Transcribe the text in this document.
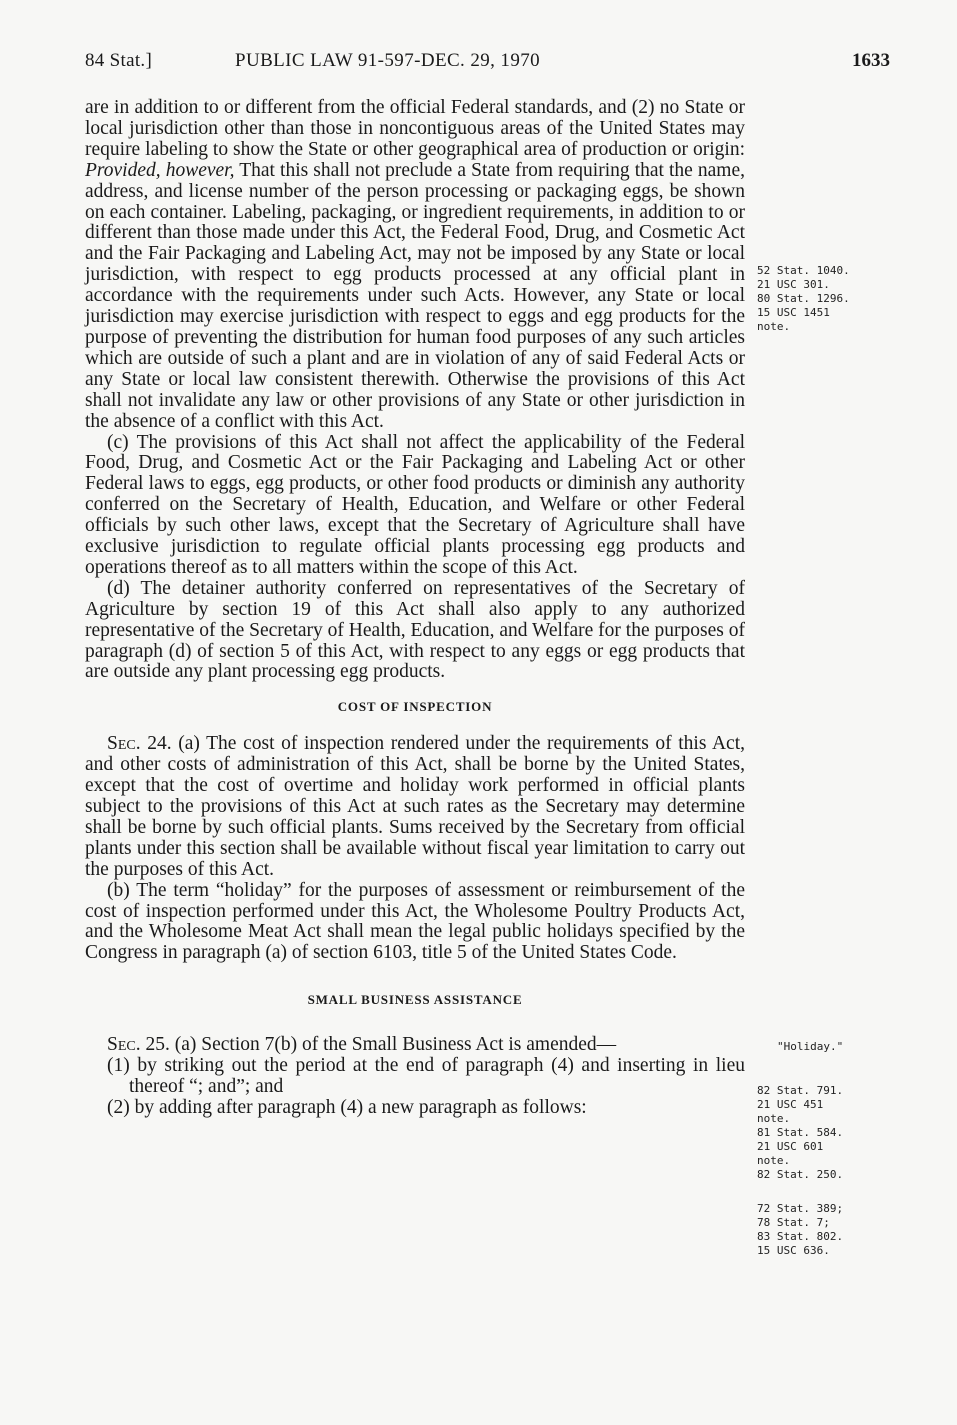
84 Stat.]	PUBLIC LAW 91-597-DEC. 29, 1970	1633

are in addition to or different from the official Federal standards, and (2) no State or local jurisdiction other than those in noncontiguous areas of the United States may require labeling to show the State or other geographical area of production or origin: Provided, however, That this shall not preclude a State from requiring that the name, address, and license number of the person processing or packaging eggs, be shown on each container. Labeling, packaging, or ingredient requirements, in addition to or different than those made under this Act, the Federal Food, Drug, and Cosmetic Act and the Fair Packaging and Labeling Act, may not be imposed by any State or local jurisdiction, with respect to egg products processed at any official plant in accordance with the requirements under such Acts. However, any State or local jurisdiction may exercise jurisdiction with respect to eggs and egg products for the purpose of preventing the distribution for human food purposes of any such articles which are outside of such a plant and are in violation of any of said Federal Acts or any State or local law consistent therewith. Otherwise the provisions of this Act shall not invalidate any law or other provisions of any State or other jurisdiction in the absence of a conflict with this Act.

(c) The provisions of this Act shall not affect the applicability of the Federal Food, Drug, and Cosmetic Act or the Fair Packaging and Labeling Act or other Federal laws to eggs, egg products, or other food products or diminish any authority conferred on the Secretary of Health, Education, and Welfare or other Federal officials by such other laws, except that the Secretary of Agriculture shall have exclusive jurisdiction to regulate official plants processing egg products and operations thereof as to all matters within the scope of this Act.

(d) The detainer authority conferred on representatives of the Secretary of Agriculture by section 19 of this Act shall also apply to any authorized representative of the Secretary of Health, Education, and Welfare for the purposes of paragraph (d) of section 5 of this Act, with respect to any eggs or egg products that are outside any plant processing egg products.

COST OF INSPECTION

Sec. 24. (a) The cost of inspection rendered under the requirements of this Act, and other costs of administration of this Act, shall be borne by the United States, except that the cost of overtime and holiday work performed in official plants subject to the provisions of this Act at such rates as the Secretary may determine shall be borne by such official plants. Sums received by the Secretary from official plants under this section shall be available without fiscal year limitation to carry out the purposes of this Act.

(b) The term “holiday” for the purposes of assessment or reimbursement of the cost of inspection performed under this Act, the Wholesome Poultry Products Act, and the Wholesome Meat Act shall mean the legal public holidays specified by the Congress in paragraph (a) of section 6103, title 5 of the United States Code.

SMALL BUSINESS ASSISTANCE

Sec. 25. (a) Section 7(b) of the Small Business Act is amended—

(1) by striking out the period at the end of paragraph (4) and inserting in lieu thereof “; and”; and

(2) by adding after paragraph (4) a new paragraph as follows:

52 Stat. 1040.
21 USC 301.
80 Stat. 1296.
15 USC 1451
note.
"Holiday."
82 Stat. 791.
21 USC 451
note.
81 Stat. 584.
21 USC 601
note.
82 Stat. 250.
72 Stat. 389;
78 Stat. 7;
83 Stat. 802.
15 USC 636.
